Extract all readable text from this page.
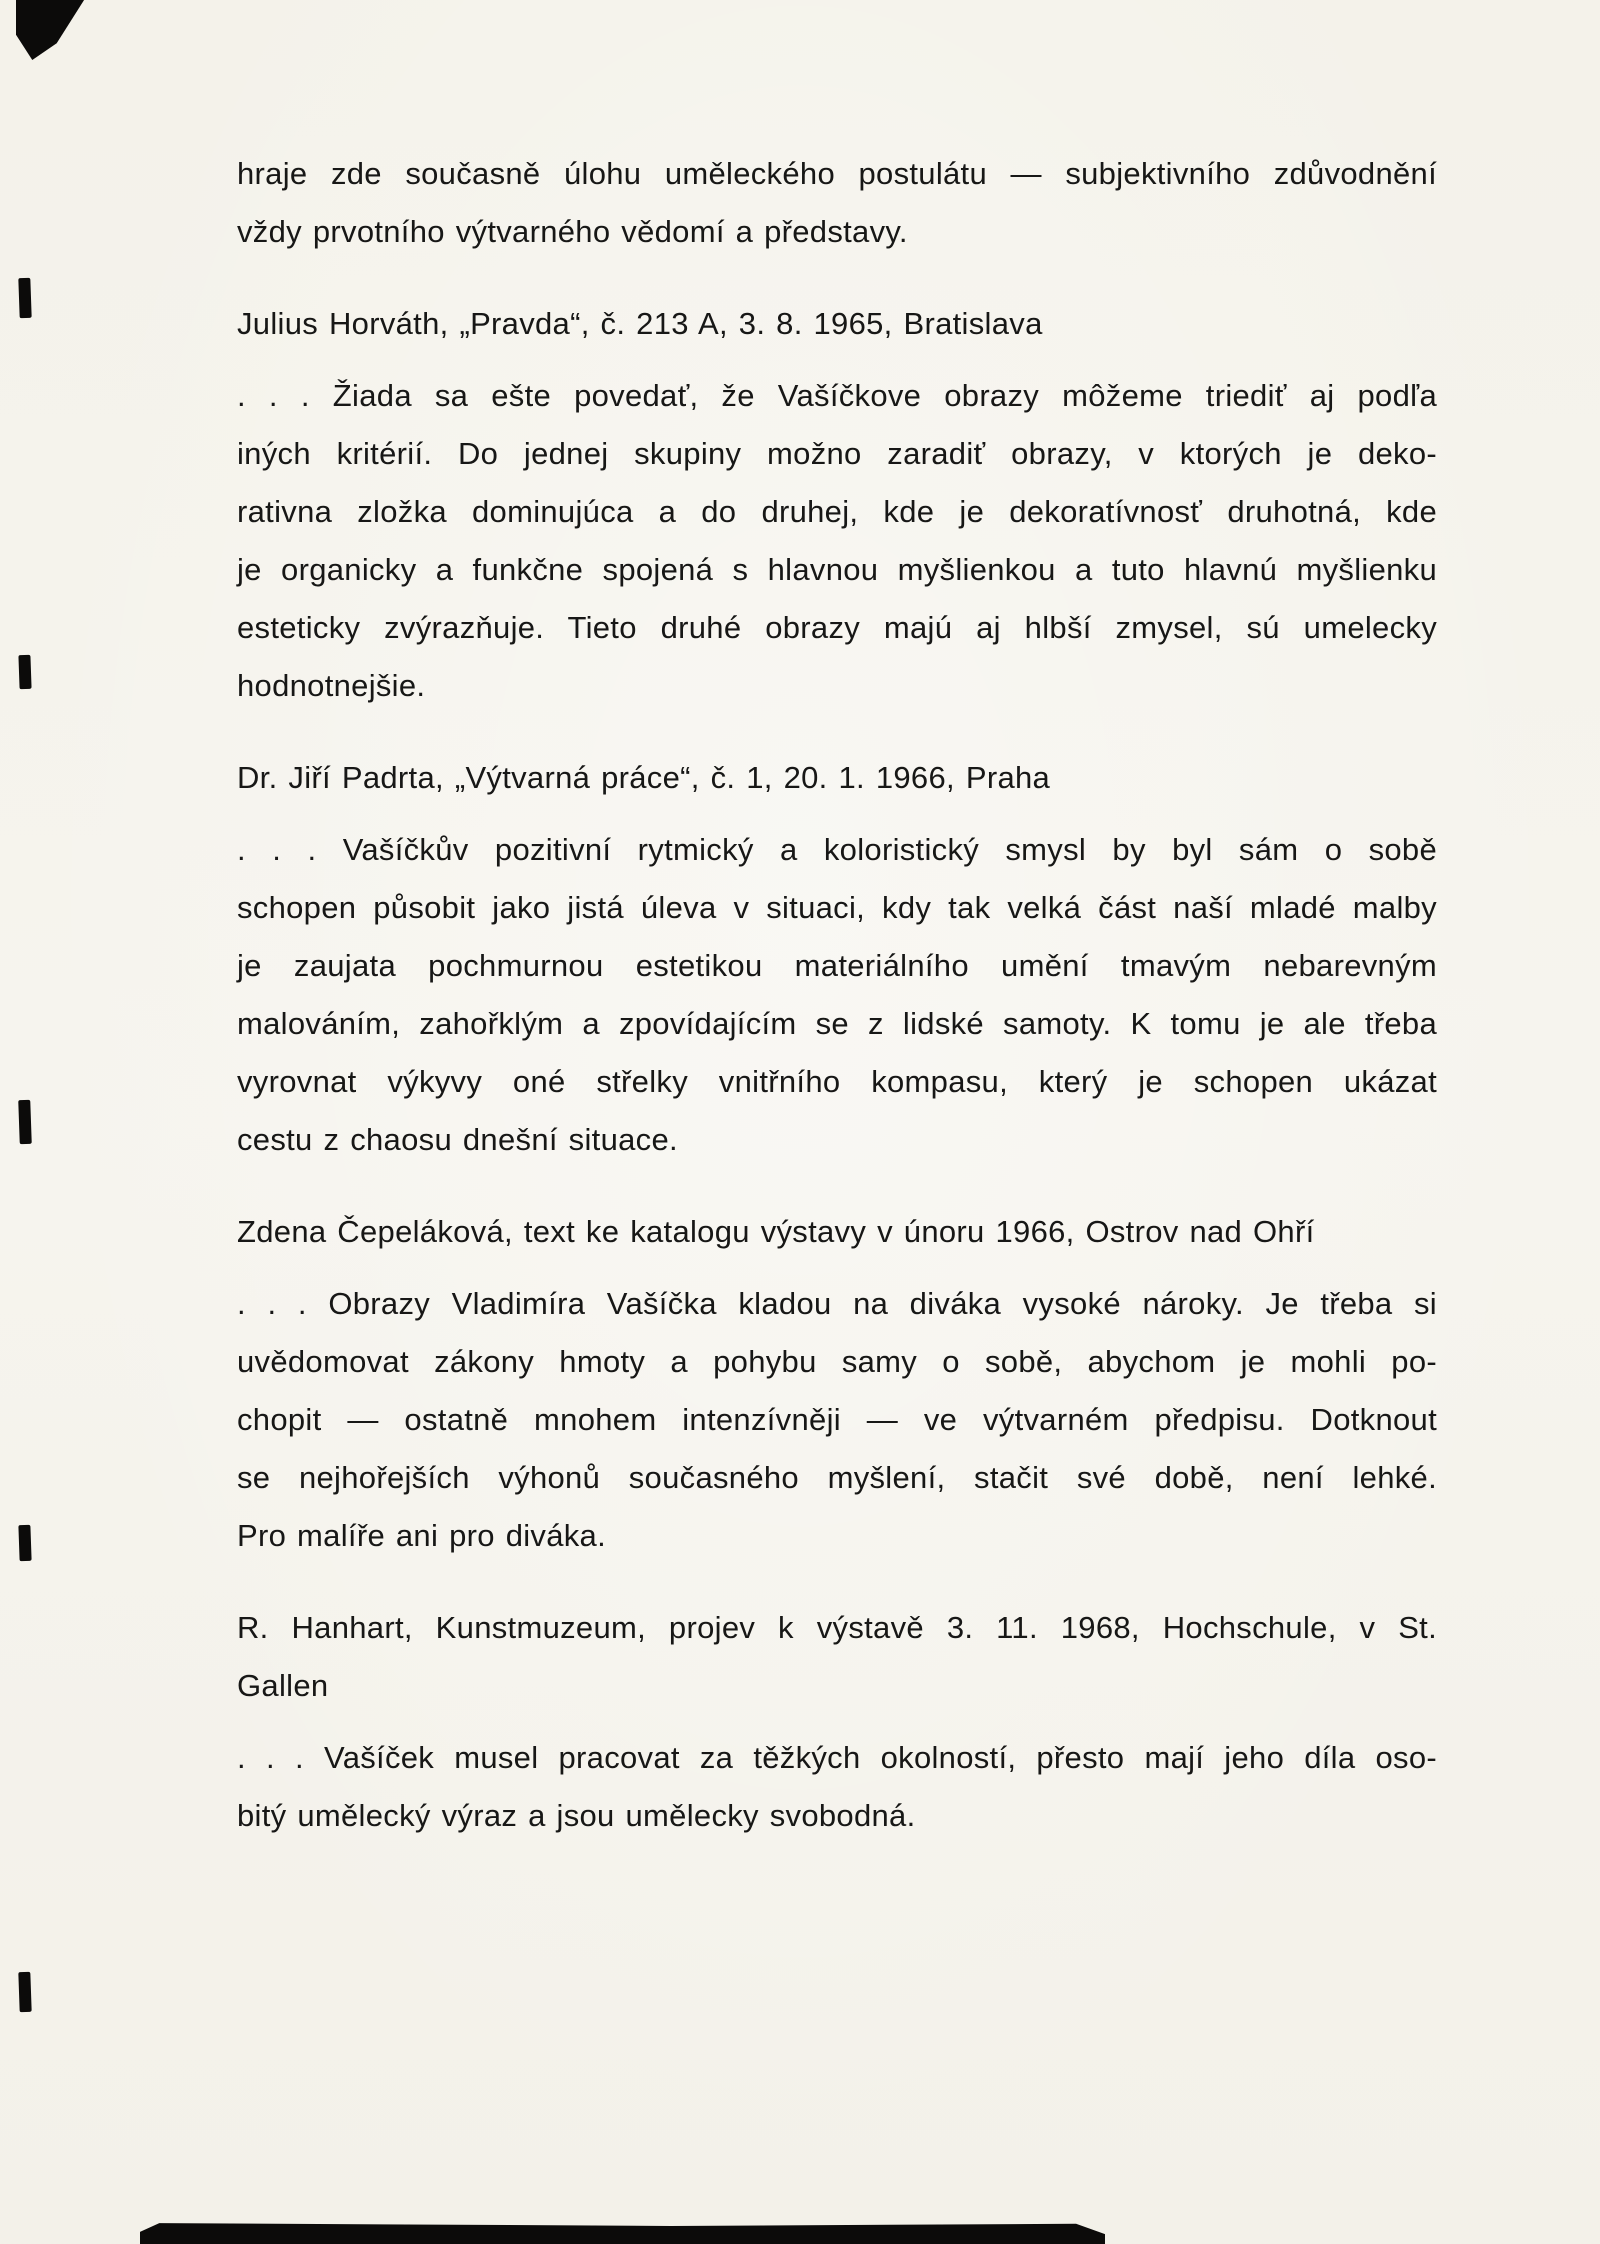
hraje zde současně úlohu uměleckého postulátu — subjektivního zdůvodnění
vždy prvotního výtvarného vědomí a představy.
Julius Horváth, „Pravda“, č. 213 A, 3. 8. 1965, Bratislava
. . . Žiada sa ešte povedať, že Vašíčkove obrazy môžeme triediť aj podľa
iných kritérií. Do jednej skupiny možno zaradiť obrazy, v ktorých je deko-
rativna zložka dominujúca a do druhej, kde je dekoratívnosť druhotná, kde
je organicky a funkčne spojená s hlavnou myšlienkou a tuto hlavnú myšlienku
esteticky zvýrazňuje. Tieto druhé obrazy majú aj hlbší zmysel, sú umelecky
hodnotnejšie.
Dr. Jiří Padrta, „Výtvarná práce“, č. 1, 20. 1. 1966, Praha
. . . Vašíčkův pozitivní rytmický a koloristický smysl by byl sám o sobě
schopen působit jako jistá úleva v situaci, kdy tak velká část naší mladé malby
je zaujata pochmurnou estetikou materiálního umění tmavým nebarevným
malováním, zahořklým a zpovídajícím se z lidské samoty. K tomu je ale třeba
vyrovnat výkyvy oné střelky vnitřního kompasu, který je schopen ukázat
cestu z chaosu dnešní situace.
Zdena Čepeláková, text ke katalogu výstavy v únoru 1966, Ostrov nad Ohří
. . . Obrazy Vladimíra Vašíčka kladou na diváka vysoké nároky. Je třeba si
uvědomovat zákony hmoty a pohybu samy o sobě, abychom je mohli po-
chopit — ostatně mnohem intenzívněji — ve výtvarném předpisu. Dotknout
se nejhořejších výhonů současného myšlení, stačit své době, není lehké.
Pro malíře ani pro diváka.
R. Hanhart, Kunstmuzeum, projev k výstavě 3. 11. 1968, Hochschule, v St.
Gallen
. . . Vašíček musel pracovat za těžkých okolností, přesto mají jeho díla oso-
bitý umělecký výraz a jsou umělecky svobodná.
